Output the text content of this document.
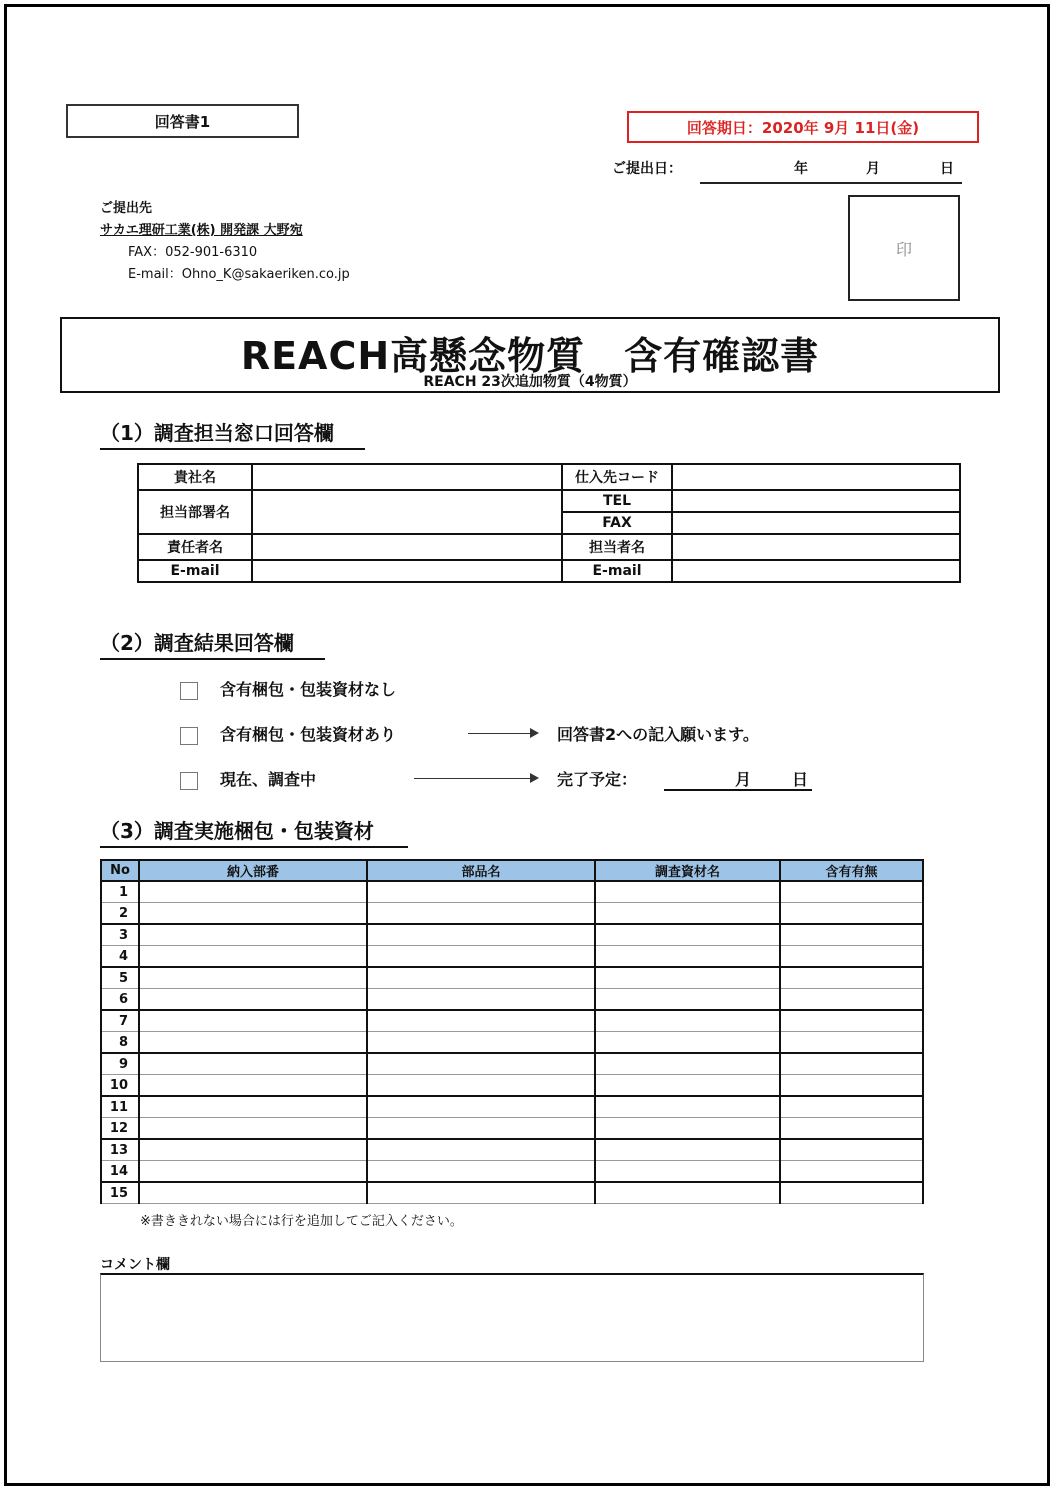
回答書1	回答期日：2020年 9月 11日(金)
ご提出日：	年	月	日
印
ご提出先
サカエ理研工業(株) 開発課 大野宛
FAX：052-901-6310
E-mail：Ohno_K@sakaeriken.co.jp
REACH高懸念物質　含有確認書
REACH 23次追加物質（4物質）
（1）調査担当窓口回答欄
貴社名		仕入先コード	
担当部署名		TEL	
		FAX	
責任者名		担当者名	
E-mail		E-mail	
（2）調査結果回答欄
含有梱包・包装資材なし
含有梱包・包装資材あり	回答書2への記入願います。
現在、調査中	完了予定：	月	日
（3）調査実施梱包・包装資材
No	納入部番	部品名	調査資材名	含有有無
1				
2				
3				
4				
5				
6				
7				
8				
9				
10				
11				
12				
13				
14				
15				
※書ききれない場合には行を追加してご記入ください。
コメント欄
